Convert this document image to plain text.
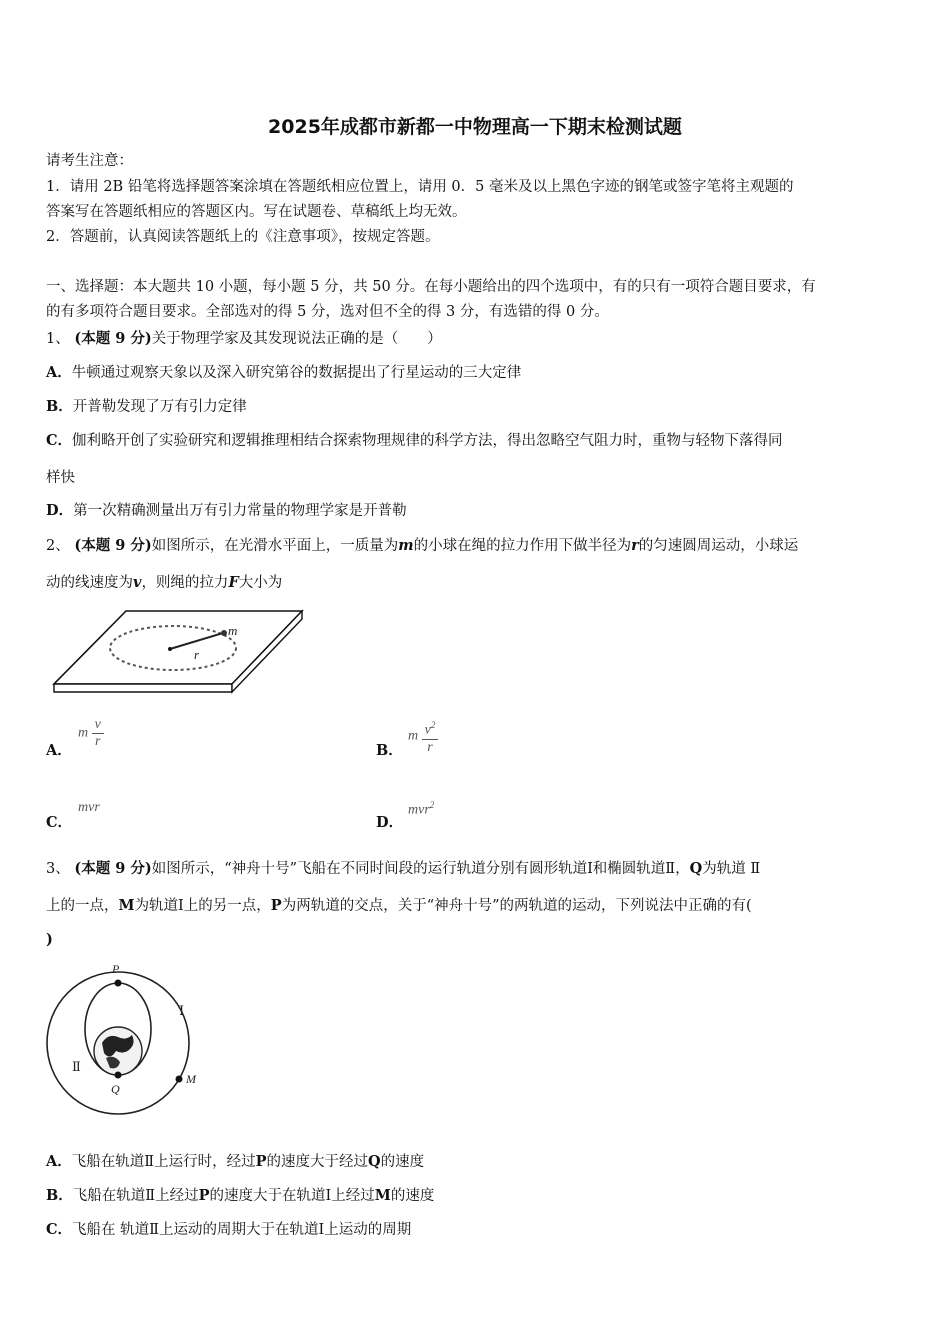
2025年成都市新都一中物理高一下期末检测试题
请考生注意：
1．请用 2B 铅笔将选择题答案涂填在答题纸相应位置上，请用 0．5 毫米及以上黑色字迹的钢笔或签字笔将主观题的
答案写在答题纸相应的答题区内。写在试题卷、草稿纸上均无效。
2．答题前，认真阅读答题纸上的《注意事项》，按规定答题。
一、选择题：本大题共 10 小题，每小题 5 分，共 50 分。在每小题给出的四个选项中，有的只有一项符合题目要求，有
的有多项符合题目要求。全部选对的得 5 分，选对但不全的得 3 分，有选错的得 0 分。
1、 (本题 9 分)关于物理学家及其发现说法正确的是（　　）
A．牛顿通过观察天象以及深入研究第谷的数据提出了行星运动的三大定律
B．开普勒发现了万有引力定律
C．伽利略开创了实验研究和逻辑推理相结合探索物理规律的科学方法，得出忽略空气阻力时，重物与轻物下落得同
样快
D．第一次精确测量出万有引力常量的物理学家是开普勒
2、 (本题 9 分)如图所示，在光滑水平面上，一质量为m的小球在绳的拉力作用下做半径为r的匀速圆周运动，小球运
动的线速度为v，则绳的拉力F大小为
m
r
A．
m $\frac{v}{r}$
B．
m $\frac{v^2}{r}$
C．
mvr
D．
mvr$^2$
3、 (本题 9 分)如图所示，“神舟十号”飞船在不同时间段的运行轨道分别有圆形轨道Ⅰ和椭圆轨道Ⅱ，Q为轨道 Ⅱ
上的一点，M为轨道Ⅰ上的另一点，P为两轨道的交点，关于“神舟十号”的两轨道的运动，下列说法中正确的有(
)
P
Q
M
Ⅰ
Ⅱ
A．飞船在轨道Ⅱ上运行时，经过P的速度大于经过Q的速度
B．飞船在轨道Ⅱ上经过P的速度大于在轨道Ⅰ上经过M的速度
C．飞船在 轨道Ⅱ上运动的周期大于在轨道Ⅰ上运动的周期
